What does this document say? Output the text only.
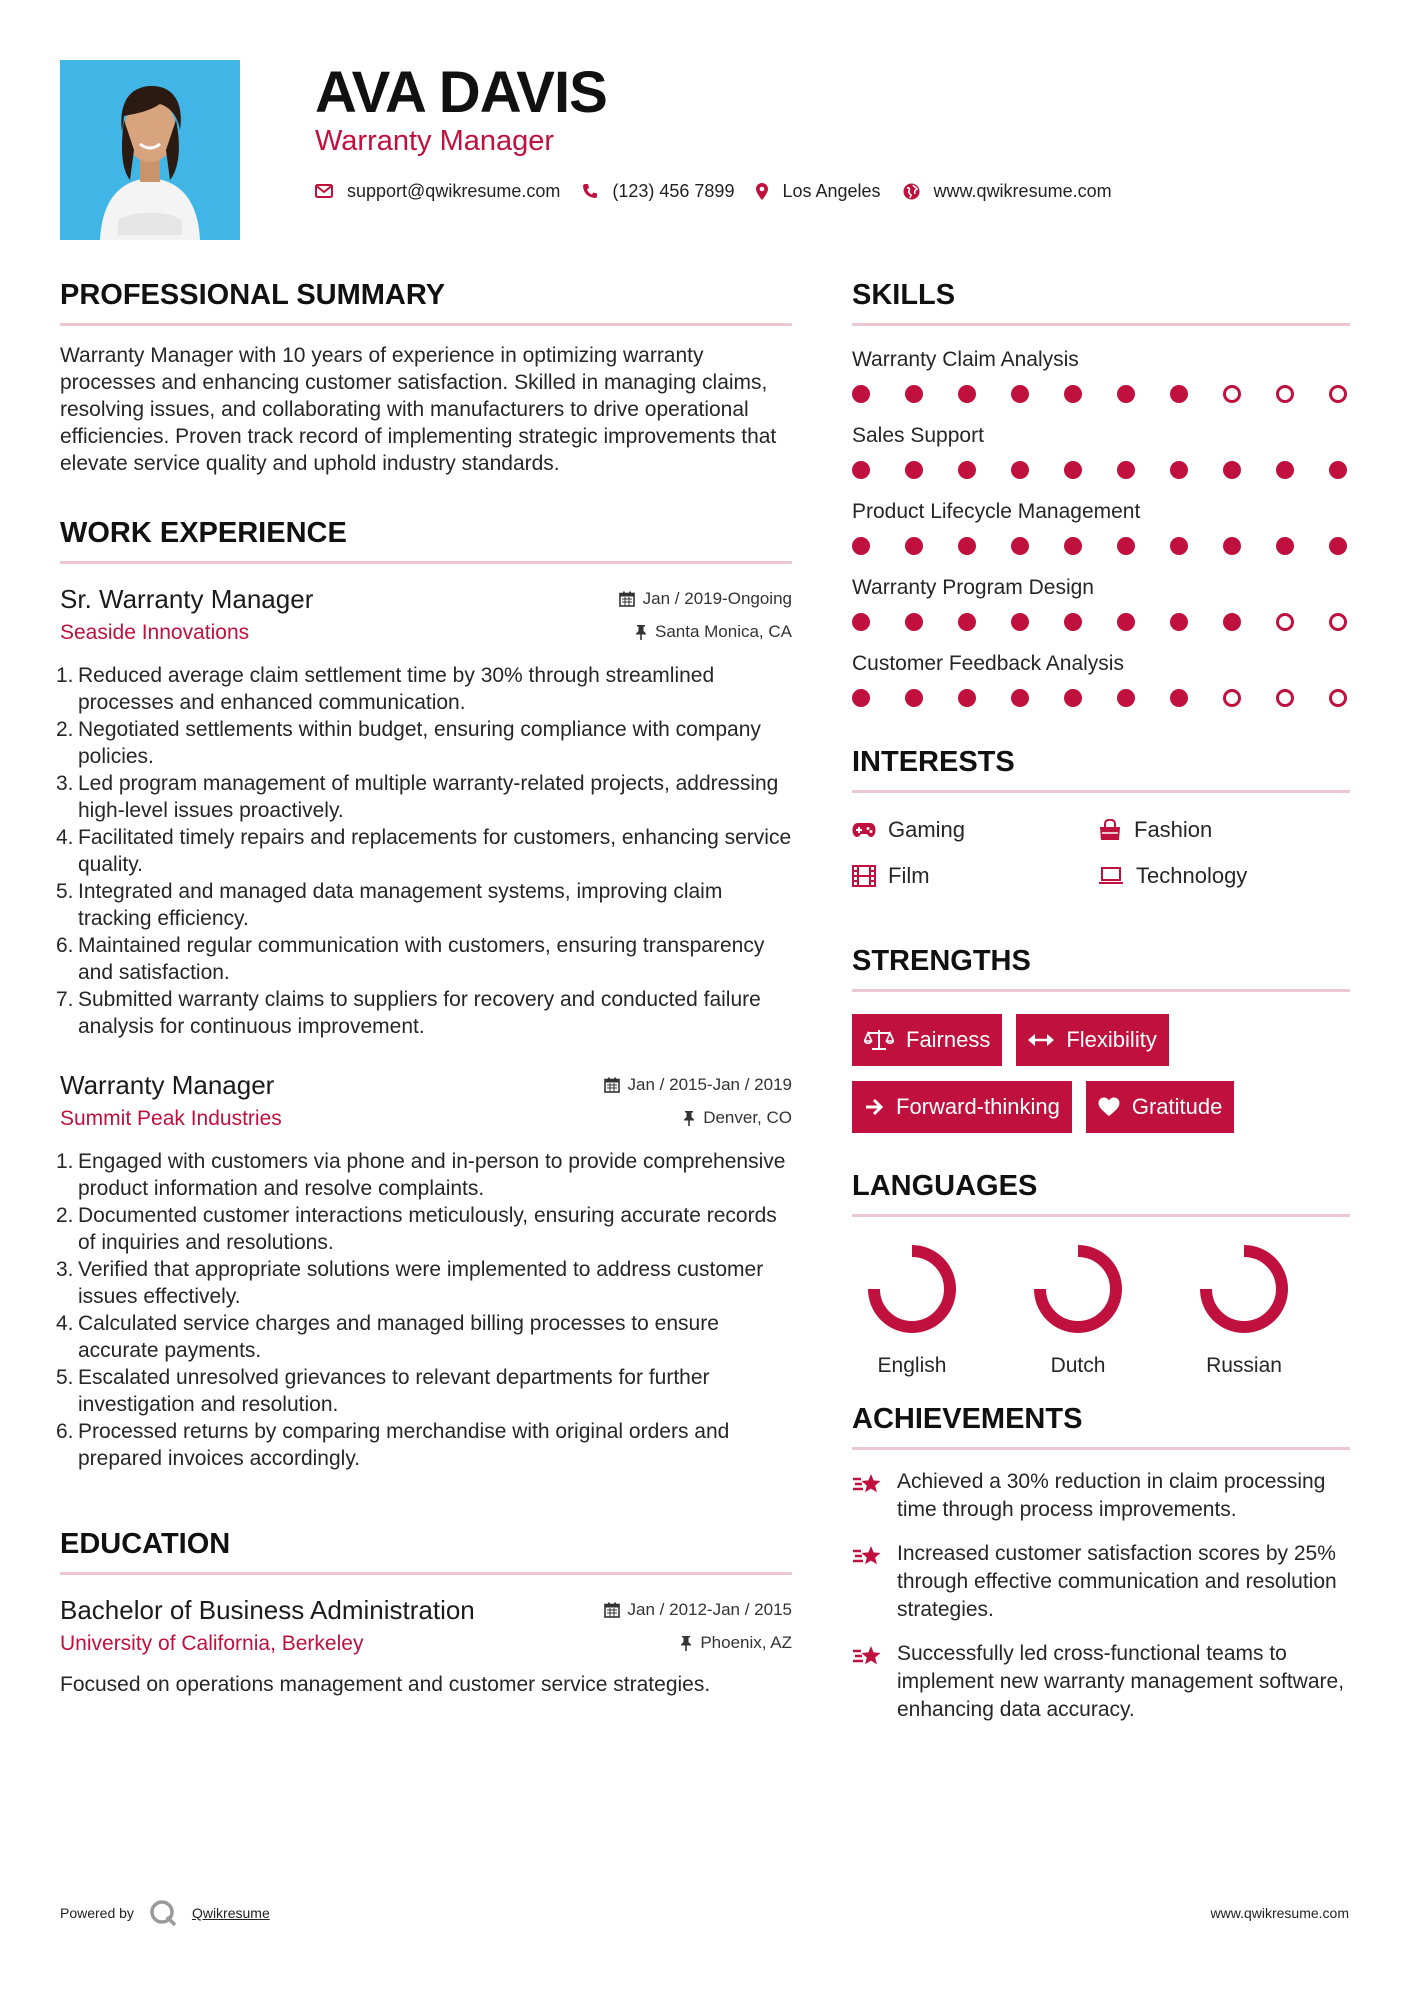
AVA DAVIS
Warranty Manager
support@qwikresume.com	(123) 456 7899	Los Angeles	www.qwikresume.com
PROFESSIONAL SUMMARY
Warranty Manager with 10 years of experience in optimizing warranty processes and enhancing customer satisfaction. Skilled in managing claims, resolving issues, and collaborating with manufacturers to drive operational efficiencies. Proven track record of implementing strategic improvements that elevate service quality and uphold industry standards.
WORK EXPERIENCE
Sr. Warranty Manager	Jan / 2019-Ongoing
Seaside Innovations	Santa Monica, CA
1. Reduced average claim settlement time by 30% through streamlined processes and enhanced communication.
2. Negotiated settlements within budget, ensuring compliance with company policies.
3. Led program management of multiple warranty-related projects, addressing high-level issues proactively.
4. Facilitated timely repairs and replacements for customers, enhancing service quality.
5. Integrated and managed data management systems, improving claim tracking efficiency.
6. Maintained regular communication with customers, ensuring transparency and satisfaction.
7. Submitted warranty claims to suppliers for recovery and conducted failure analysis for continuous improvement.
Warranty Manager	Jan / 2015-Jan / 2019
Summit Peak Industries	Denver, CO
1. Engaged with customers via phone and in-person to provide comprehensive product information and resolve complaints.
2. Documented customer interactions meticulously, ensuring accurate records of inquiries and resolutions.
3. Verified that appropriate solutions were implemented to address customer issues effectively.
4. Calculated service charges and managed billing processes to ensure accurate payments.
5. Escalated unresolved grievances to relevant departments for further investigation and resolution.
6. Processed returns by comparing merchandise with original orders and prepared invoices accordingly.
EDUCATION
Bachelor of Business Administration	Jan / 2012-Jan / 2015
University of California, Berkeley	Phoenix, AZ
Focused on operations management and customer service strategies.
SKILLS
Warranty Claim Analysis
Sales Support
Product Lifecycle Management
Warranty Program Design
Customer Feedback Analysis
INTERESTS
Gaming	Fashion
Film	Technology
STRENGTHS
Fairness	Flexibility
Forward-thinking	Gratitude
LANGUAGES
English	Dutch	Russian
ACHIEVEMENTS
Achieved a 30% reduction in claim processing time through process improvements.
Increased customer satisfaction scores by 25% through effective communication and resolution strategies.
Successfully led cross-functional teams to implement new warranty management software, enhancing data accuracy.
Powered by	Qwikresume	www.qwikresume.com
